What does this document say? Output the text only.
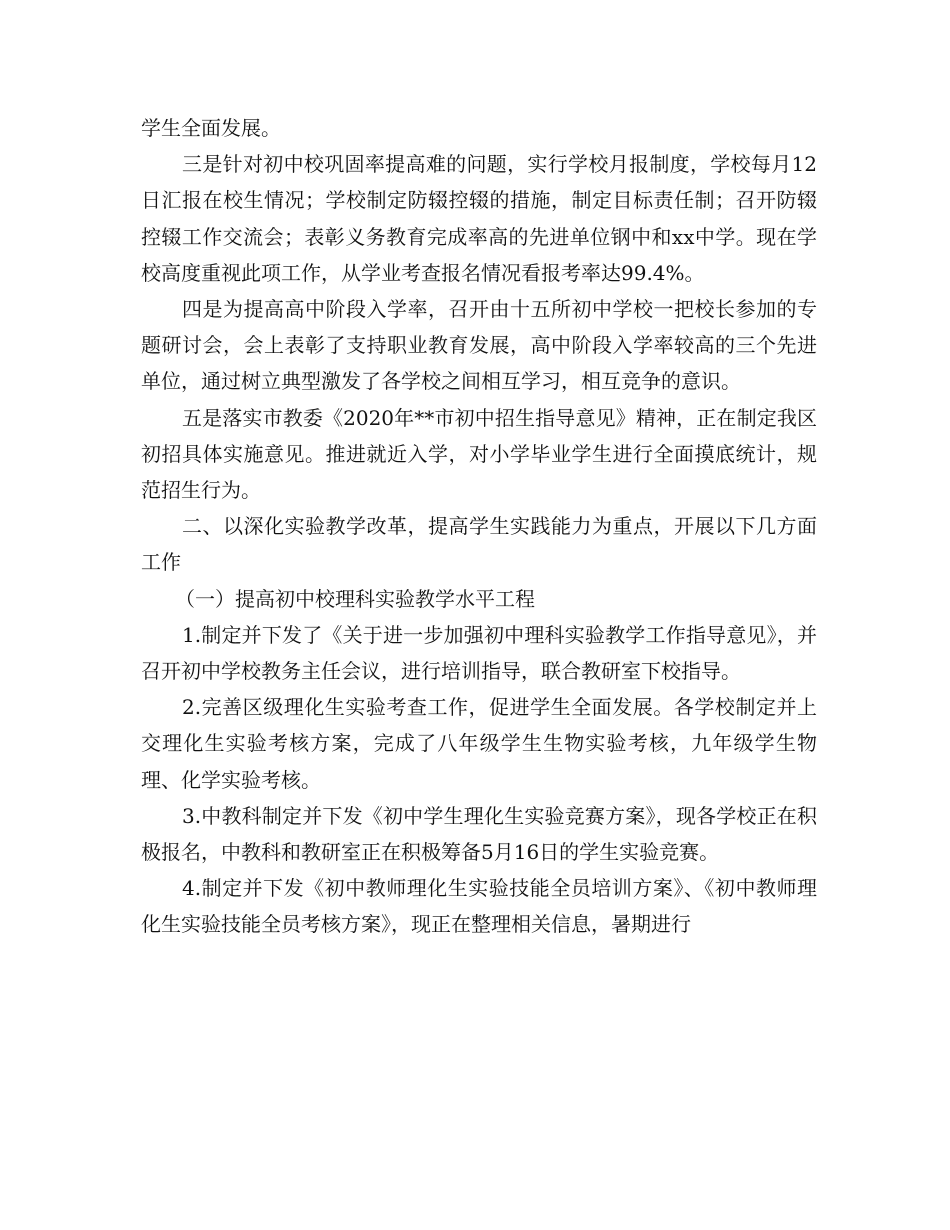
学生全面发展。

三是针对初中校巩固率提高难的问题，实行学校月报制度，学校每月12日汇报在校生情况；学校制定防辍控辍的措施，制定目标责任制；召开防辍控辍工作交流会；表彰义务教育完成率高的先进单位钢中和xx中学。现在学校高度重视此项工作，从学业考查报名情况看报考率达99.4%。

四是为提高高中阶段入学率，召开由十五所初中学校一把校长参加的专题研讨会，会上表彰了支持职业教育发展，高中阶段入学率较高的三个先进单位，通过树立典型激发了各学校之间相互学习，相互竞争的意识。

五是落实市教委《2020年**市初中招生指导意见》精神，正在制定我区初招具体实施意见。推进就近入学，对小学毕业学生进行全面摸底统计，规范招生行为。

二、以深化实验教学改革，提高学生实践能力为重点，开展以下几方面工作

（一）提高初中校理科实验教学水平工程

1.制定并下发了《关于进一步加强初中理科实验教学工作指导意见》，并召开初中学校教务主任会议，进行培训指导，联合教研室下校指导。

2.完善区级理化生实验考查工作，促进学生全面发展。各学校制定并上交理化生实验考核方案，完成了八年级学生生物实验考核，九年级学生物理、化学实验考核。

3.中教科制定并下发《初中学生理化生实验竞赛方案》，现各学校正在积极报名，中教科和教研室正在积极筹备5月16日的学生实验竞赛。

4.制定并下发《初中教师理化生实验技能全员培训方案》、《初中教师理化生实验技能全员考核方案》，现正在整理相关信息，暑期进行
